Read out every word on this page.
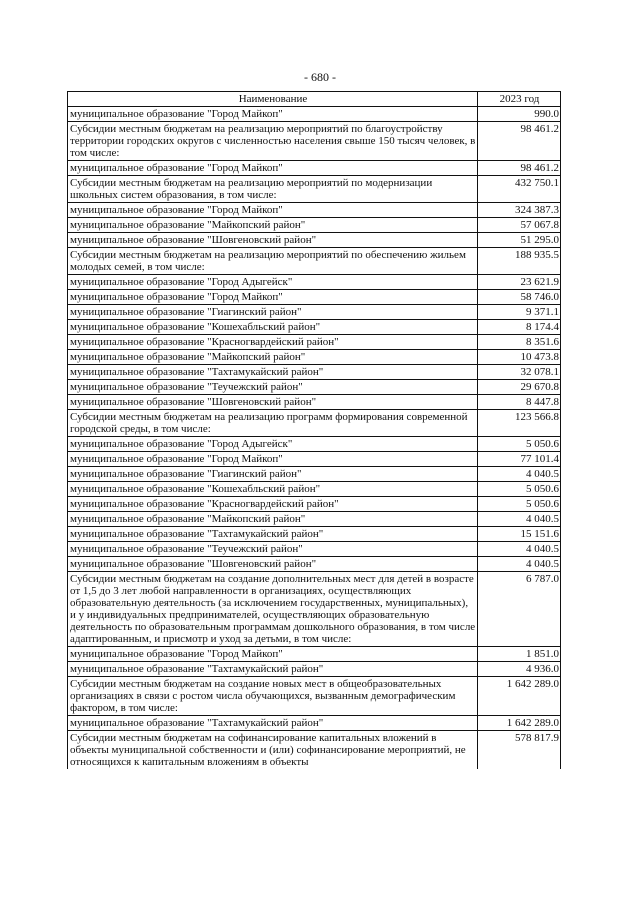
- 680 -
Наименование	2023 год
муниципальное образование "Город Майкоп"	990.0
Субсидии местным бюджетам на реализацию мероприятий по благоустройству территории городских округов с численностью населения свыше 150 тысяч человек, в том числе:	98 461.2
муниципальное образование "Город Майкоп"	98 461.2
Субсидии местным бюджетам на реализацию мероприятий по модернизации школьных систем образования, в том числе:	432 750.1
муниципальное образование "Город Майкоп"	324 387.3
муниципальное образование "Майкопский район"	57 067.8
муниципальное образование "Шовгеновский район"	51 295.0
Субсидии местным бюджетам на реализацию мероприятий по обеспечению жильем молодых семей, в том числе:	188 935.5
муниципальное образование "Город Адыгейск"	23 621.9
муниципальное образование "Город Майкоп"	58 746.0
муниципальное образование "Гиагинский район"	9 371.1
муниципальное образование "Кошехабльский район"	8 174.4
муниципальное образование "Красногвардейский район"	8 351.6
муниципальное образование "Майкопский район"	10 473.8
муниципальное образование "Тахтамукайский район"	32 078.1
муниципальное образование "Теучежский район"	29 670.8
муниципальное образование "Шовгеновский район"	8 447.8
Субсидии местным бюджетам на реализацию программ формирования современной городской среды, в том числе:	123 566.8
муниципальное образование "Город Адыгейск"	5 050.6
муниципальное образование "Город Майкоп"	77 101.4
муниципальное образование "Гиагинский район"	4 040.5
муниципальное образование "Кошехабльский район"	5 050.6
муниципальное образование "Красногвардейский район"	5 050.6
муниципальное образование "Майкопский район"	4 040.5
муниципальное образование "Тахтамукайский район"	15 151.6
муниципальное образование "Теучежский район"	4 040.5
муниципальное образование "Шовгеновский район"	4 040.5
Субсидии местным бюджетам на создание дополнительных мест для детей в возрасте от 1,5 до 3 лет любой направленности в организациях, осуществляющих образовательную деятельность (за исключением государственных, муниципальных), и у индивидуальных предпринимателей, осуществляющих образовательную деятельность по образовательным программам дошкольного образования, в том числе адаптированным, и присмотр и уход за детьми, в том числе:	6 787.0
муниципальное образование "Город Майкоп"	1 851.0
муниципальное образование "Тахтамукайский район"	4 936.0
Субсидии местным бюджетам на создание новых мест в общеобразовательных организациях в связи с ростом числа обучающихся, вызванным демографическим фактором, в том числе:	1 642 289.0
муниципальное образование "Тахтамукайский район"	1 642 289.0
Субсидии местным бюджетам на софинансирование капитальных вложений в объекты муниципальной собственности и (или) софинансирование мероприятий, не относящихся к капитальным вложениям в объекты	578 817.9
